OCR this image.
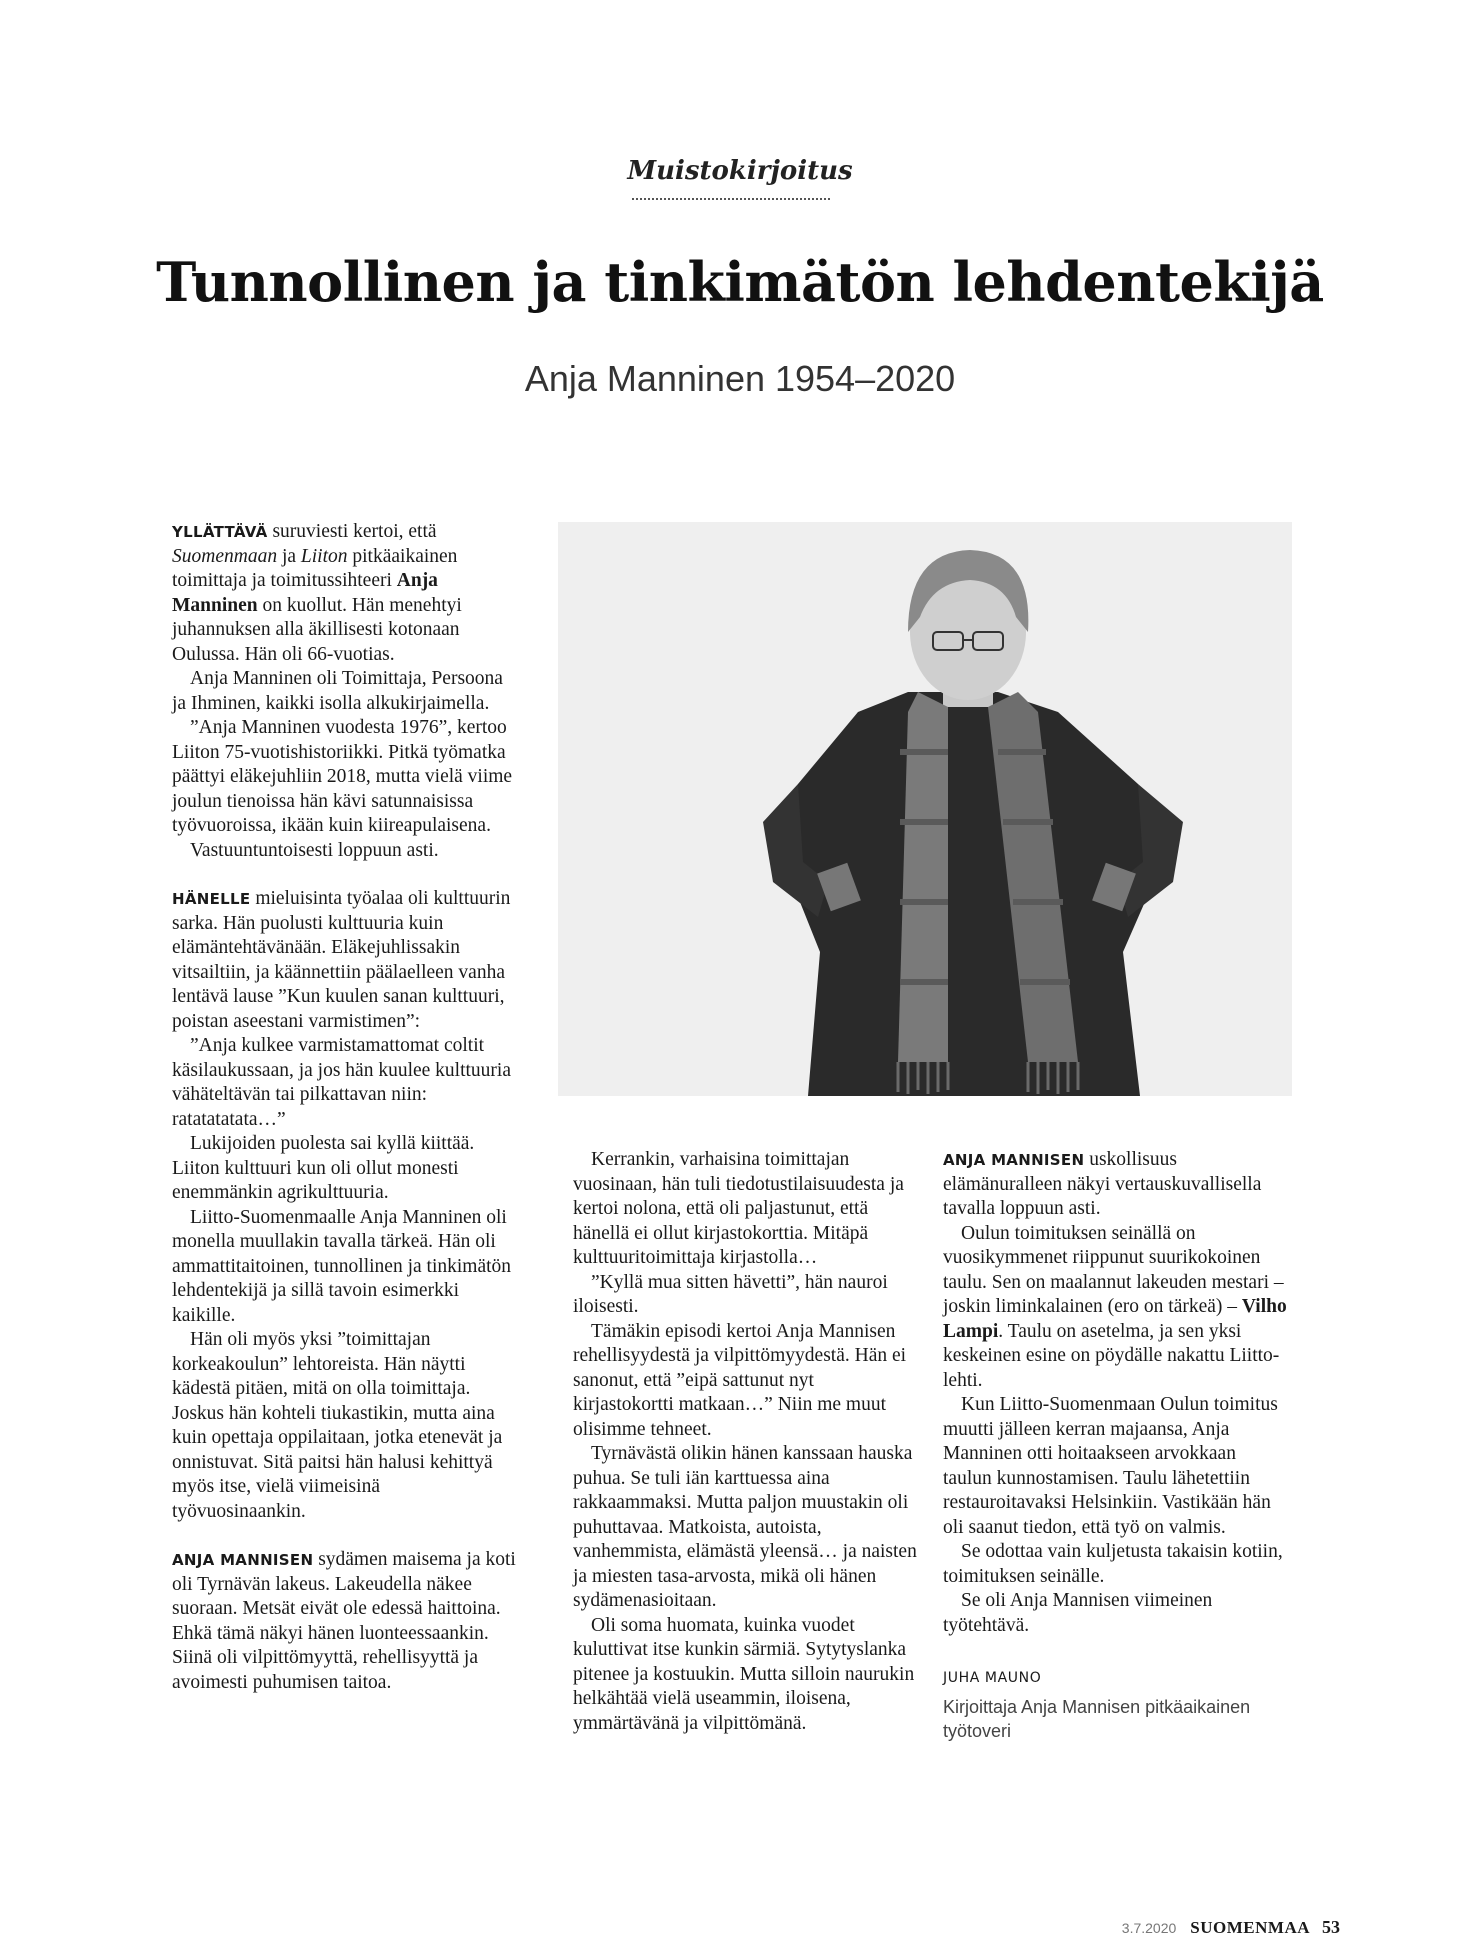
Muistokirjoitus
Tunnollinen ja tinkimätön lehdentekijä
Anja Manninen 1954–2020

YLLÄTTÄVÄ suruviesti kertoi, että Suomenmaan ja Liiton pitkäaikainen toimittaja ja toimitussihteeri Anja Manninen on kuollut. Hän menehtyi juhannuksen alla äkillisesti kotonaan Oulussa. Hän oli 66-vuotias.

Anja Manninen oli Toimittaja, Persoona ja Ihminen, kaikki isolla alkukirjaimella.

”Anja Manninen vuodesta 1976”, kertoo Liiton 75-vuotishistoriikki. Pitkä työmatka päättyi eläkejuhliin 2018, mutta vielä viime joulun tienoissa hän kävi satunnaisissa työvuoroissa, ikään kuin kiireapulaisena.

Vastuuntuntoisesti loppuun asti.

HÄNELLE mieluisinta työalaa oli kulttuurin sarka. Hän puolusti kulttuuria kuin elämäntehtävänään. Eläkejuhlissakin vitsailtiin, ja käännettiin päälaelleen vanha lentävä lause ”Kun kuulen sanan kulttuuri, poistan aseestani varmistimen”:

”Anja kulkee varmistamattomat coltit käsilaukussaan, ja jos hän kuulee kulttuuria vähäteltävän tai pilkattavan niin: ratatatatata…”

Lukijoiden puolesta sai kyllä kiittää. Liiton kulttuuri kun oli ollut monesti enemmänkin agrikulttuuria.

Liitto-Suomenmaalle Anja Manninen oli monella muullakin tavalla tärkeä. Hän oli ammattitaitoinen, tunnollinen ja tinkimätön lehdentekijä ja sillä tavoin esimerkki kaikille.

Hän oli myös yksi ”toimittajan korkeakoulun” lehtoreista. Hän näytti kädestä pitäen, mitä on olla toimittaja. Joskus hän kohteli tiukastikin, mutta aina kuin opettaja oppilaitaan, jotka etenevät ja onnistuvat. Sitä paitsi hän halusi kehittyä myös itse, vielä viimeisinä työvuosinaankin.

ANJA MANNISEN sydämen maisema ja koti oli Tyrnävän lakeus. Lakeudella näkee suoraan. Metsät eivät ole edessä haittoina. Ehkä tämä näkyi hänen luonteessaankin. Siinä oli vilpittömyyttä, rehellisyyttä ja avoimesti puhumisen taitoa.

Kerrankin, varhaisina toimittajan vuosinaan, hän tuli tiedotustilaisuudesta ja kertoi nolona, että oli paljastunut, että hänellä ei ollut kirjastokorttia. Mitäpä kulttuuritoimittaja kirjastolla…

”Kyllä mua sitten hävetti”, hän nauroi iloisesti.

Tämäkin episodi kertoi Anja Mannisen rehellisyydestä ja vilpittömyydestä. Hän ei sanonut, että ”eipä sattunut nyt kirjastokortti matkaan…” Niin me muut olisimme tehneet.

Tyrnävästä olikin hänen kanssaan hauska puhua. Se tuli iän karttuessa aina rakkaammaksi. Mutta paljon muustakin oli puhuttavaa. Matkoista, autoista, vanhemmista, elämästä yleensä… ja naisten ja miesten tasa-arvosta, mikä oli hänen sydämenasioitaan.

Oli soma huomata, kuinka vuodet kuluttivat itse kunkin särmiä. Sytytyslanka pitenee ja kostuukin. Mutta silloin naurukin helkähtää vielä useammin, iloisena, ymmärtävänä ja vilpittömänä.

ANJA MANNISEN uskollisuus elämänuralleen näkyi vertauskuvallisella tavalla loppuun asti.

Oulun toimituksen seinällä on vuosikymmenet riippunut suurikokoinen taulu. Sen on maalannut lakeuden mestari – joskin liminkalainen (ero on tärkeä) – Vilho Lampi. Taulu on asetelma, ja sen yksi keskeinen esine on pöydälle nakattu Liitto-lehti.

Kun Liitto-Suomenmaan Oulun toimitus muutti jälleen kerran majaansa, Anja Manninen otti hoitaakseen arvokkaan taulun kunnostamisen. Taulu lähetettiin restauroitavaksi Helsinkiin. Vastikään hän oli saanut tiedon, että työ on valmis.

Se odottaa vain kuljetusta takaisin kotiin, toimituksen seinälle.

Se oli Anja Mannisen viimeinen työtehtävä.

JUHA MAUNO
Kirjoittaja Anja Mannisen pitkäaikainen työtoveri
3.7.2020 SUOMENMAA 53
